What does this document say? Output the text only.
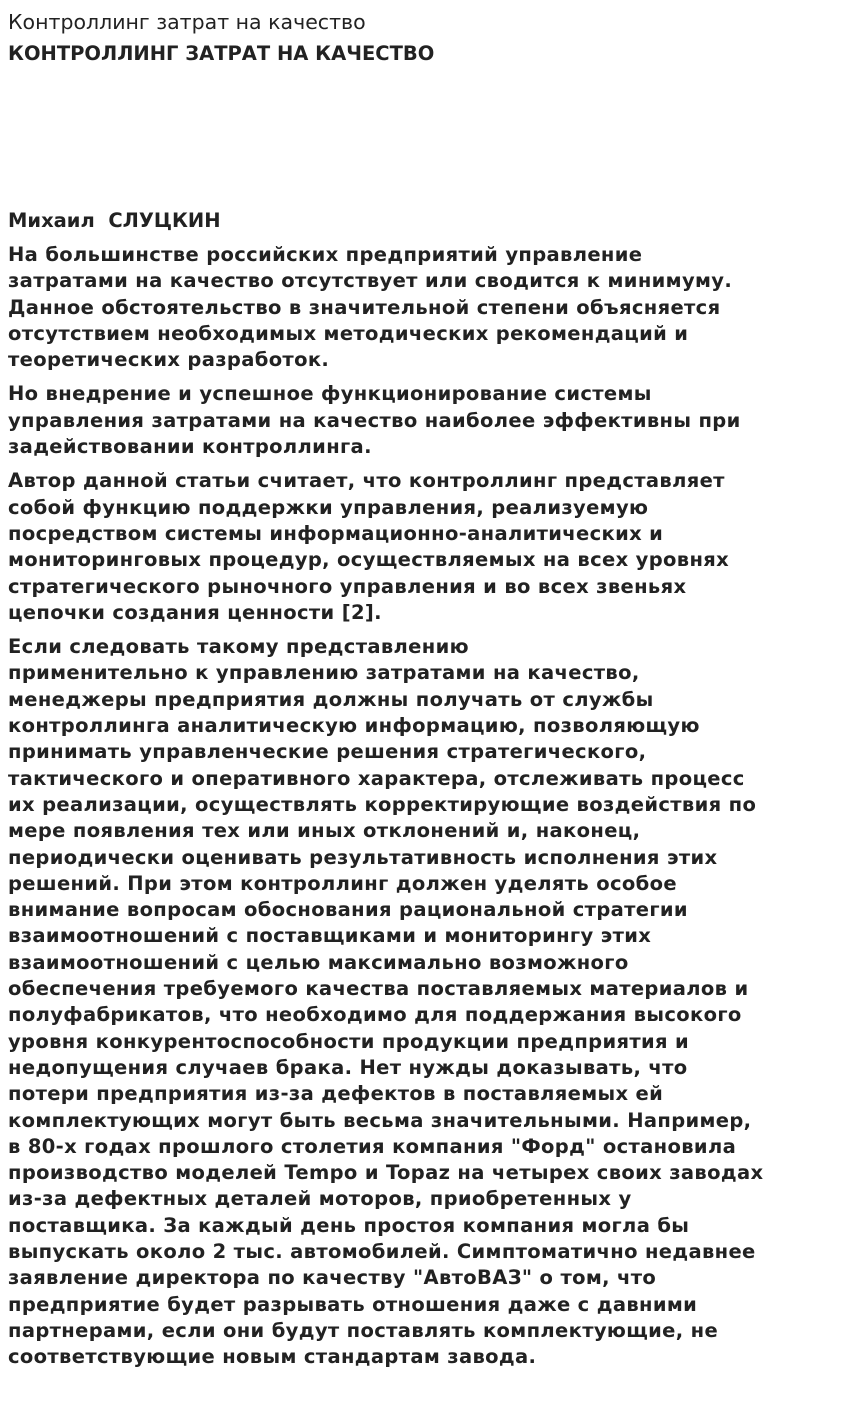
Контроллинг затрат на качество
КОНТРОЛЛИНГ ЗАТРАТ НА КАЧЕСТВО
Михаил  СЛУЦКИН
На большинстве российских предприятий управление
затратами на качество отсутствует или сводится к минимуму.
Данное обстоятельство в значительной степени объясняется
отсутствием необходимых методических рекомендаций и
теоретических разработок.
Но внедрение и успешное функционирование системы
управления затратами на качество наиболее эффективны при
задействовании контроллинга.
Автор данной статьи считает, что контроллинг представляет
собой функцию поддержки управления, реализуемую
посредством системы информационно-аналитических и
мониторинговых процедур, осуществляемых на всех уровнях
стратегического рыночного управления и во всех звеньях
цепочки создания ценности [2].
Если следовать такому представлению
применительно к управлению затратами на качество,
менеджеры предприятия должны получать от службы
контроллинга аналитическую информацию, позволяющую
принимать управленческие решения стратегического,
тактического и оперативного характера, отслеживать процесс
их реализации, осуществлять корректирующие воздействия по
мере появления тех или иных отклонений и, наконец,
периодически оценивать результативность исполнения этих
решений. При этом контроллинг должен уделять особое
внимание вопросам обоснования рациональной стратегии
взаимоотношений с поставщиками и мониторингу этих
взаимоотношений с целью максимально возможного
обеспечения требуемого качества поставляемых материалов и
полуфабрикатов, что необходимо для поддержания высокого
уровня конкурентоспособности продукции предприятия и
недопущения случаев брака. Нет нужды доказывать, что
потери предприятия из-за дефектов в поставляемых ей
комплектующих могут быть весьма значительными. Например,
в 80-х годах прошлого столетия компания "Форд" остановила
производство моделей Tempo и Topaz на четырех своих заводах
из-за дефектных деталей моторов, приобретенных у
поставщика. За каждый день простоя компания могла бы
выпускать около 2 тыс. автомобилей. Симптоматично недавнее
заявление директора по качеству "АвтоВАЗ" о том, что
предприятие будет разрывать отношения даже с давними
партнерами, если они будут поставлять комплектующие, не
соответствующие новым стандартам завода.
